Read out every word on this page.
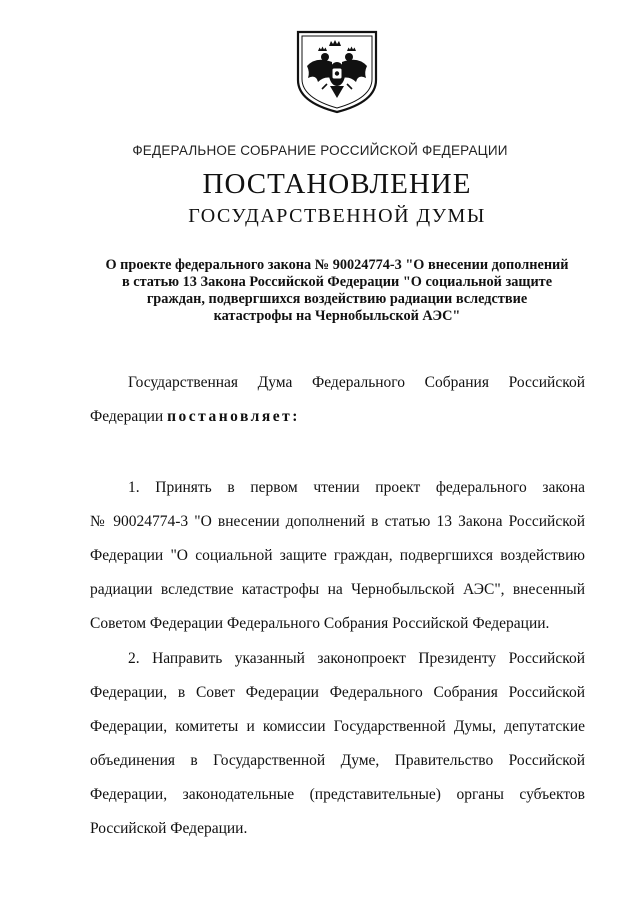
ФЕДЕРАЛЬНОЕ СОБРАНИЕ РОССИЙСКОЙ ФЕДЕРАЦИИ
ПОСТАНОВЛЕНИЕ
ГОСУДАРСТВЕННОЙ ДУМЫ
О проекте федерального закона № 90024774-3 "О внесении дополнений
в статью 13 Закона Российской Федерации "О социальной защите
граждан, подвергшихся воздействию радиации вследствие
катастрофы на Чернобыльской АЭС"
Государственная Дума Федерального Собрания Российской
Федерации постановляет:
1. Принять в первом чтении проект федерального закона
№ 90024774-3 "О внесении дополнений в статью 13 Закона Российской
Федерации "О социальной защите граждан, подвергшихся воздействию
радиации вследствие катастрофы на Чернобыльской АЭС", внесенный
Советом Федерации Федерального Собрания Российской Федерации.
2. Направить указанный законопроект Президенту Российской
Федерации, в Совет Федерации Федерального Собрания Российской
Федерации, комитеты и комиссии Государственной Думы, депутатские
объединения в Государственной Думе, Правительство Российской
Федерации, законодательные (представительные) органы субъектов
Российской Федерации.
